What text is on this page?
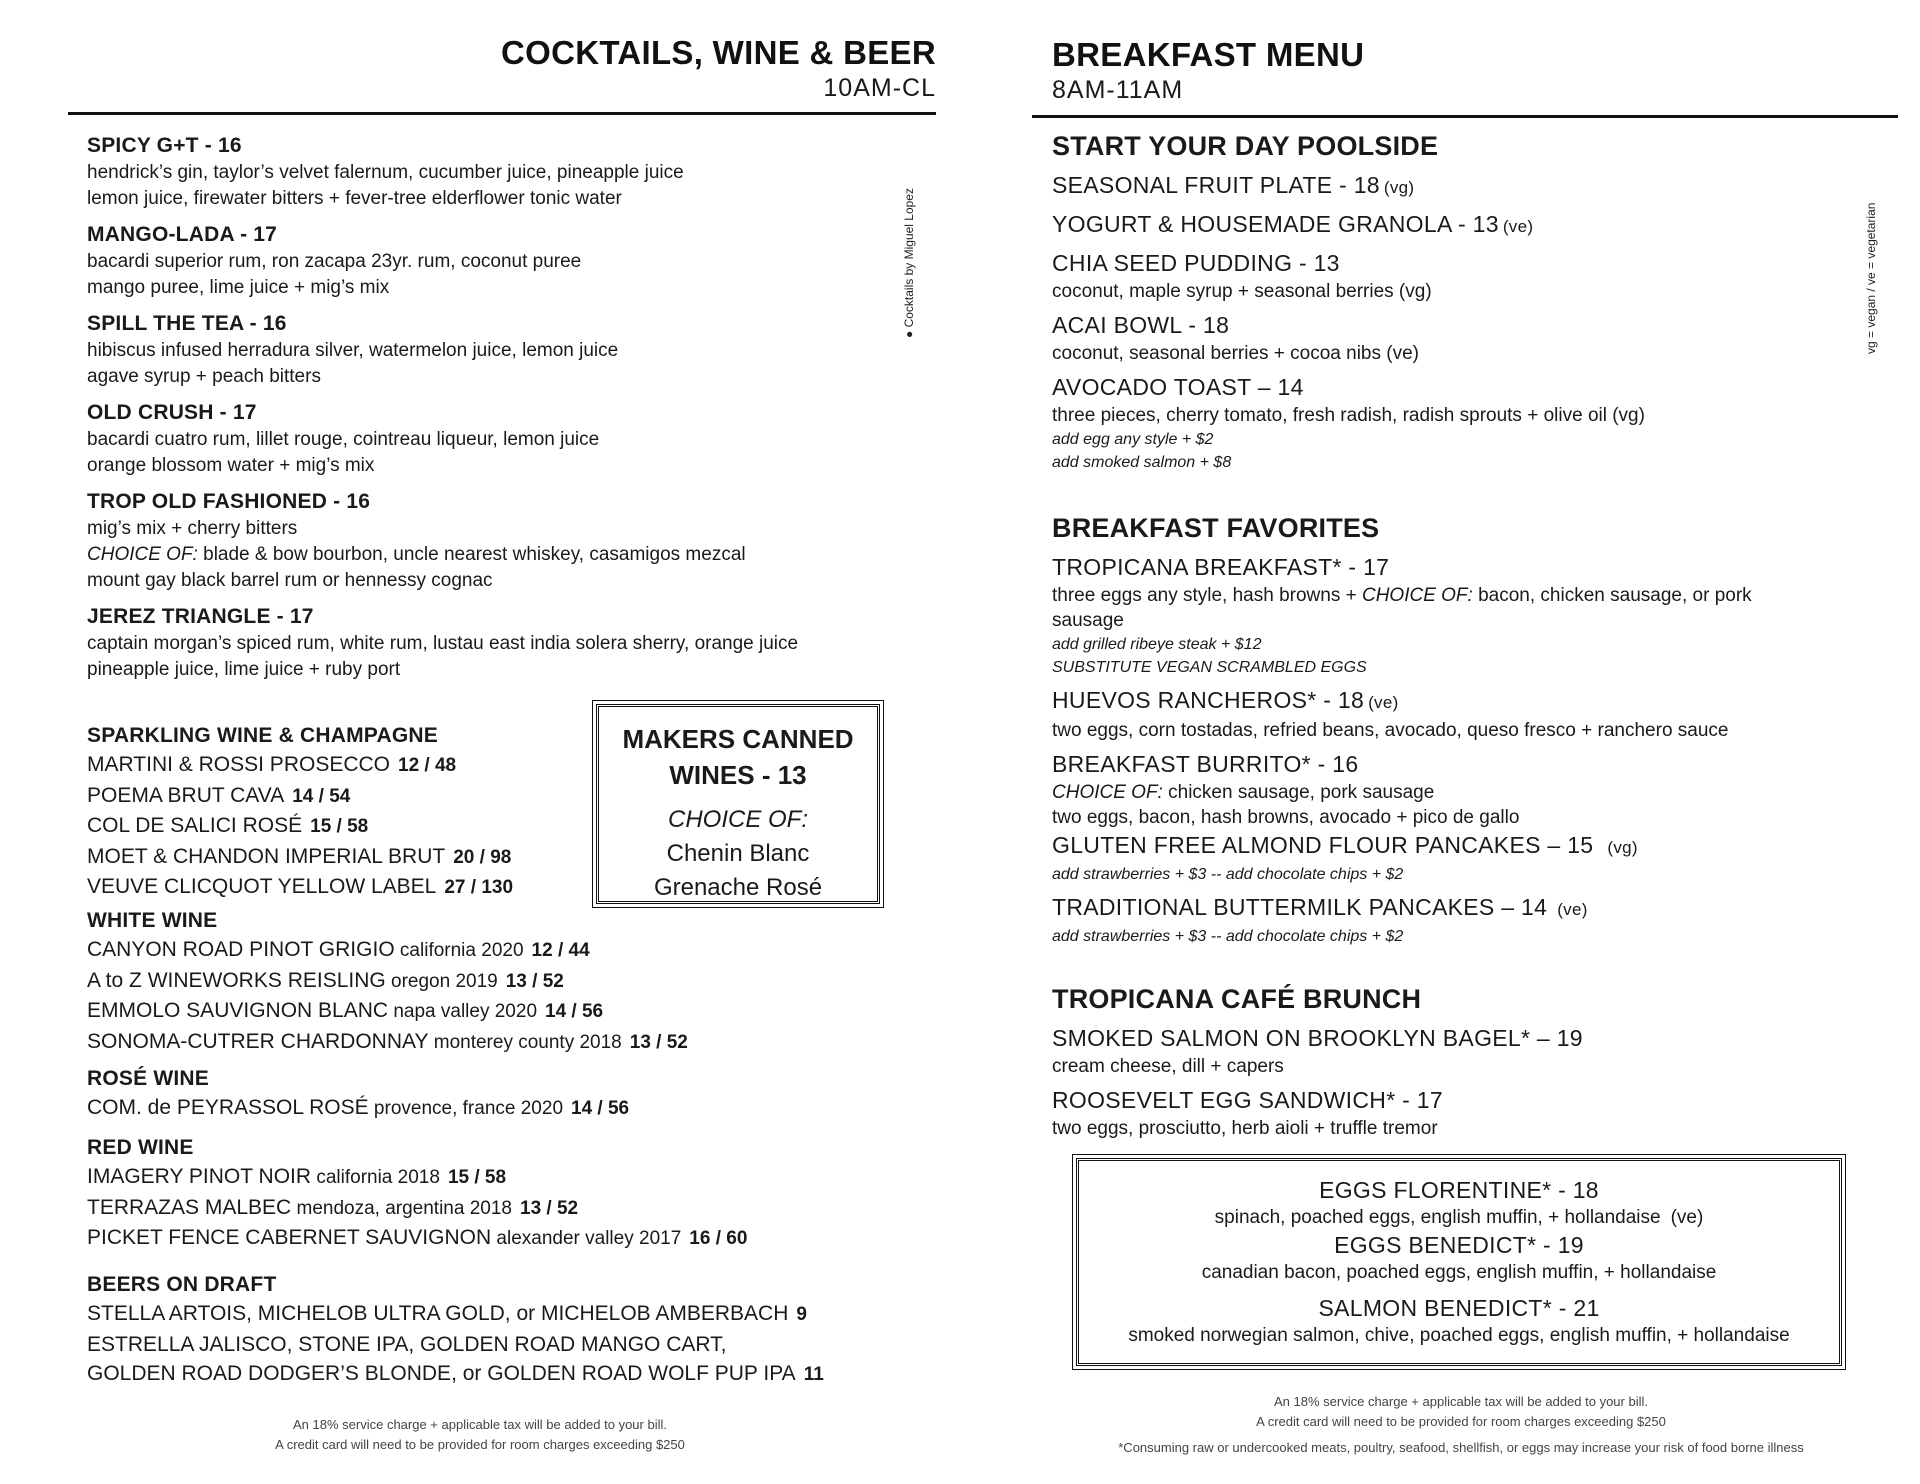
COCKTAILS, WINE & BEER
10AM-CL
● Cocktails by Miguel Lopez
SPICY G+T - 16
hendrick’s gin, taylor’s velvet falernum, cucumber juice, pineapple juice
lemon juice, firewater bitters + fever-tree elderflower tonic water
MANGO-LADA - 17
bacardi superior rum, ron zacapa 23yr. rum, coconut puree
mango puree, lime juice + mig’s mix
SPILL THE TEA - 16
hibiscus infused herradura silver, watermelon juice, lemon juice
agave syrup + peach bitters
OLD CRUSH - 17
bacardi cuatro rum, lillet rouge, cointreau liqueur, lemon juice
orange blossom water + mig’s mix
TROP OLD FASHIONED - 16
mig’s mix + cherry bitters
CHOICE OF: blade & bow bourbon, uncle nearest whiskey, casamigos mezcal
mount gay black barrel rum or hennessy cognac
JEREZ TRIANGLE - 17
captain morgan’s spiced rum, white rum, lustau east india solera sherry, orange juice
pineapple juice, lime juice + ruby port
SPARKLING WINE & CHAMPAGNE
MARTINI & ROSSI PROSECCO 12 / 48
POEMA BRUT CAVA 14 / 54
COL DE SALICI ROSÉ 15 / 58
MOET & CHANDON IMPERIAL BRUT 20 / 98
VEUVE CLICQUOT YELLOW LABEL 27 / 130
MAKERS CANNED
WINES - 13
CHOICE OF:
Chenin Blanc
Grenache Rosé
WHITE WINE
CANYON ROAD PINOT GRIGIO california 2020 12 / 44
A to Z WINEWORKS REISLING oregon 2019 13 / 52
EMMOLO SAUVIGNON BLANC napa valley 2020 14 / 56
SONOMA-CUTRER CHARDONNAY monterey county 2018 13 / 52
ROSÉ WINE
COM. de PEYRASSOL ROSÉ provence, france 2020 14 / 56
RED WINE
IMAGERY PINOT NOIR california 2018 15 / 58
TERRAZAS MALBEC mendoza, argentina 2018 13 / 52
PICKET FENCE CABERNET SAUVIGNON alexander valley 2017 16 / 60
BEERS ON DRAFT
STELLA ARTOIS, MICHELOB ULTRA GOLD, or MICHELOB AMBERBACH 9
ESTRELLA JALISCO, STONE IPA, GOLDEN ROAD MANGO CART,
GOLDEN ROAD DODGER’S BLONDE, or GOLDEN ROAD WOLF PUP IPA 11
An 18% service charge + applicable tax will be added to your bill.
A credit card will need to be provided for room charges exceeding $250
BREAKFAST MENU
8AM-11AM
vg = vegan / ve = vegetarian
START YOUR DAY POOLSIDE
SEASONAL FRUIT PLATE - 18 (vg)
YOGURT & HOUSEMADE GRANOLA - 13 (ve)
CHIA SEED PUDDING - 13
coconut, maple syrup + seasonal berries (vg)
ACAI BOWL - 18
coconut, seasonal berries + cocoa nibs (ve)
AVOCADO TOAST – 14
three pieces, cherry tomato, fresh radish, radish sprouts + olive oil (vg)
add egg any style + $2
add smoked salmon + $8
BREAKFAST FAVORITES
TROPICANA BREAKFAST* - 17
three eggs any style, hash browns + CHOICE OF: bacon, chicken sausage, or pork
sausage
add grilled ribeye steak + $12
SUBSTITUTE VEGAN SCRAMBLED EGGS
HUEVOS RANCHEROS* - 18 (ve)
two eggs, corn tostadas, refried beans, avocado, queso fresco + ranchero sauce
BREAKFAST BURRITO* - 16
CHOICE OF: chicken sausage, pork sausage
two eggs, bacon, hash browns, avocado + pico de gallo
GLUTEN FREE ALMOND FLOUR PANCAKES – 15 (vg)
add strawberries + $3 -- add chocolate chips + $2
TRADITIONAL BUTTERMILK PANCAKES – 14 (ve)
add strawberries + $3 -- add chocolate chips + $2
TROPICANA CAFÉ BRUNCH
SMOKED SALMON ON BROOKLYN BAGEL* – 19
cream cheese, dill + capers
ROOSEVELT EGG SANDWICH* - 17
two eggs, prosciutto, herb aioli + truffle tremor
EGGS FLORENTINE* - 18
spinach, poached eggs, english muffin, + hollandaise (ve)
EGGS BENEDICT* - 19
canadian bacon, poached eggs, english muffin, + hollandaise
SALMON BENEDICT* - 21
smoked norwegian salmon, chive, poached eggs, english muffin, + hollandaise
An 18% service charge + applicable tax will be added to your bill.
A credit card will need to be provided for room charges exceeding $250
*Consuming raw or undercooked meats, poultry, seafood, shellfish, or eggs may increase your risk of food borne illness
